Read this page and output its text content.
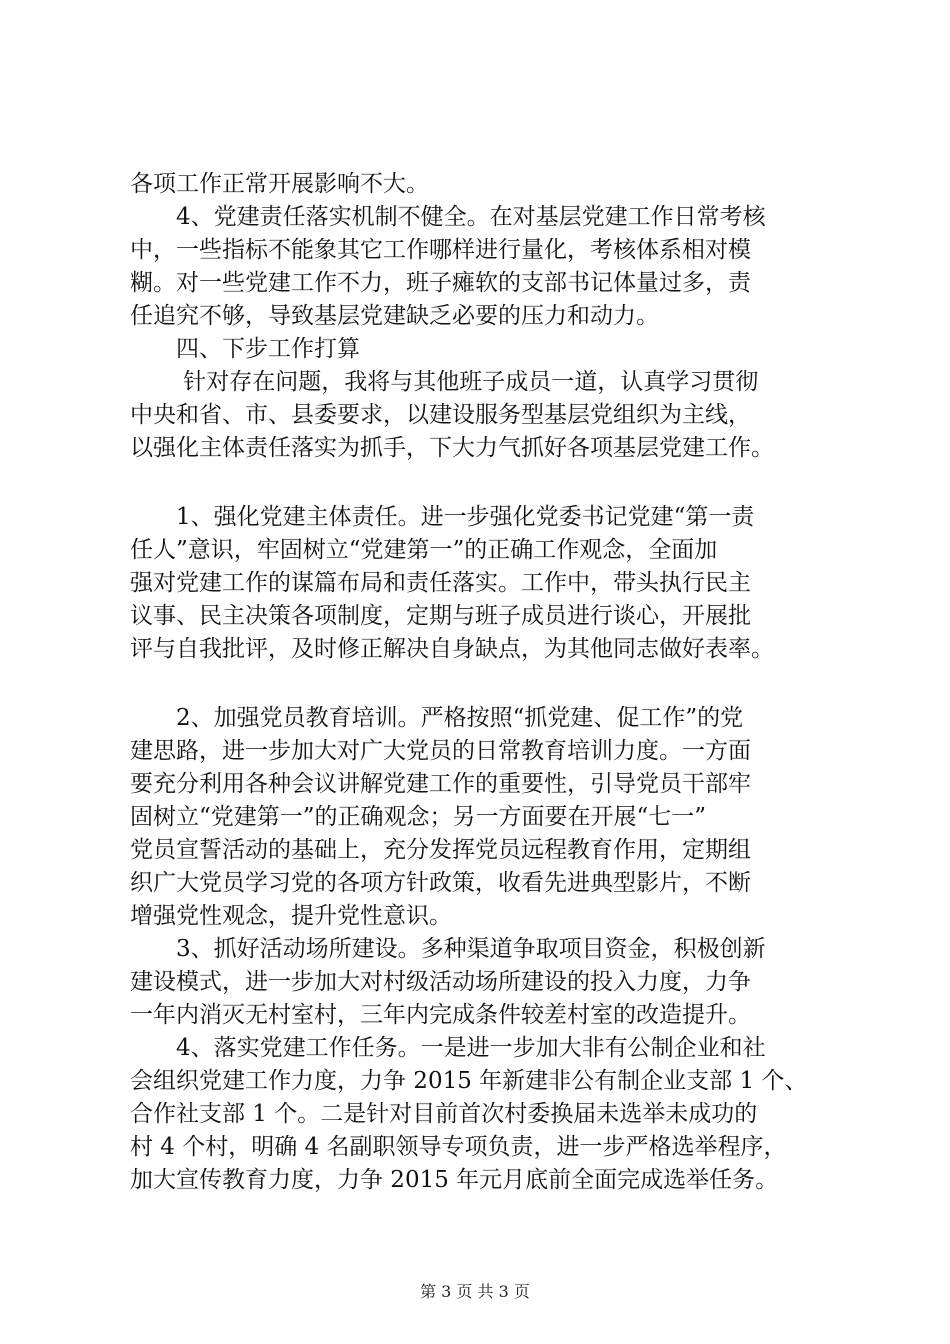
各项工作正常开展影响不大。
　　4、党建责任落实机制不健全。在对基层党建工作日常考核
中，一些指标不能象其它工作哪样进行量化，考核体系相对模
糊。对一些党建工作不力，班子瘫软的支部书记体量过多，责
任追究不够，导致基层党建缺乏必要的压力和动力。
　　四、下步工作打算
　　 针对存在问题，我将与其他班子成员一道，认真学习贯彻
中央和省、市、县委要求，以建设服务型基层党组织为主线，
以强化主体责任落实为抓手，下大力气抓好各项基层党建工作。
　　1、强化党建主体责任。进一步强化党委书记党建“第一责
任人”意识，牢固树立“党建第一”的正确工作观念，全面加
强对党建工作的谋篇布局和责任落实。工作中，带头执行民主
议事、民主决策各项制度，定期与班子成员进行谈心，开展批
评与自我批评，及时修正解决自身缺点，为其他同志做好表率。
　　2、加强党员教育培训。严格按照“抓党建、促工作”的党
建思路，进一步加大对广大党员的日常教育培训力度。一方面
要充分利用各种会议讲解党建工作的重要性，引导党员干部牢
固树立“党建第一”的正确观念；另一方面要在开展“七一”
党员宣誓活动的基础上，充分发挥党员远程教育作用，定期组
织广大党员学习党的各项方针政策，收看先进典型影片，不断
增强党性观念，提升党性意识。
　　3、抓好活动场所建设。多种渠道争取项目资金，积极创新
建设模式，进一步加大对村级活动场所建设的投入力度，力争
一年内消灭无村室村，三年内完成条件较差村室的改造提升。
　　4、落实党建工作任务。一是进一步加大非有公制企业和社
会组织党建工作力度，力争 2015 年新建非公有制企业支部 1 个、
合作社支部 1 个。二是针对目前首次村委换届未选举未成功的
村 4 个村，明确 4 名副职领导专项负责，进一步严格选举程序，
加大宣传教育力度，力争 2015 年元月底前全面完成选举任务。
第 3 页 共 3 页
